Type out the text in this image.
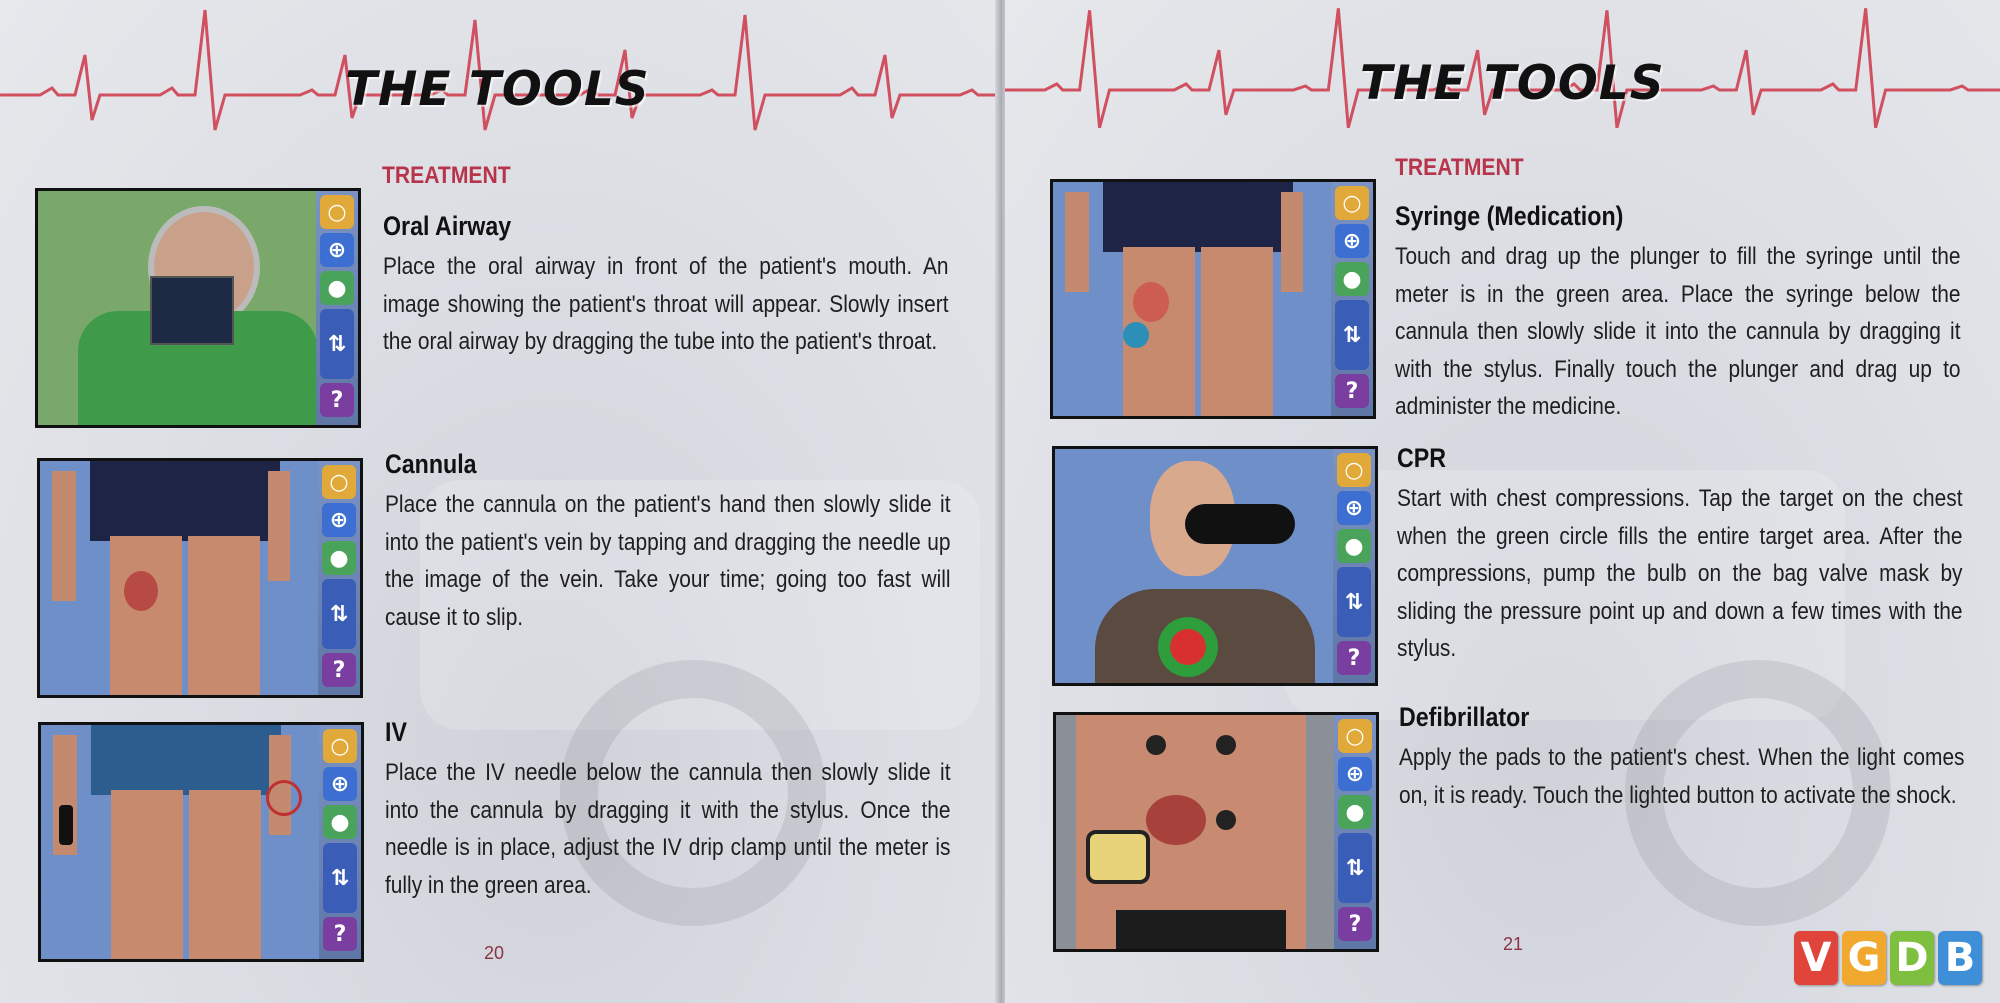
THE TOOLS
TREATMENT
○
⊕
●
⇅
?
○
⊕
●
⇅
?
○
⊕
●
⇅
?
Oral Airway

Place the oral airway in front of the patient's mouth. An image showing the patient's throat will appear. Slowly insert the oral airway by dragging the tube into the patient's throat.

Cannula

Place the cannula on the patient's hand then slowly slide it into the patient's vein by tapping and dragging the needle up the image of the vein. Take your time; going too fast will cause it to slip.

IV

Place the IV needle below the cannula then slowly slide it into the cannula by dragging it with the stylus. Once the needle is in place, adjust the IV drip clamp until the meter is fully in the green area.

20
THE TOOLS
TREATMENT
○
⊕
●
⇅
?
○
⊕
●
⇅
?
○
⊕
●
⇅
?
Syringe (Medication)

Touch and drag up the plunger to fill the syringe until the meter is in the green area. Place the syringe below the cannula then slowly slide it into the cannula by dragging it with the stylus. Finally touch the plunger and drag up to administer the medicine.

CPR

Start with chest compressions. Tap the target on the chest when the green circle fills the entire target area. After the compressions, pump the bulb on the bag valve mask by sliding the pressure point up and down a few times with the stylus.

Defibrillator

Apply the pads to the patient's chest. When the light comes on, it is ready. Touch the lighted button to activate the shock.

21	V G D B
